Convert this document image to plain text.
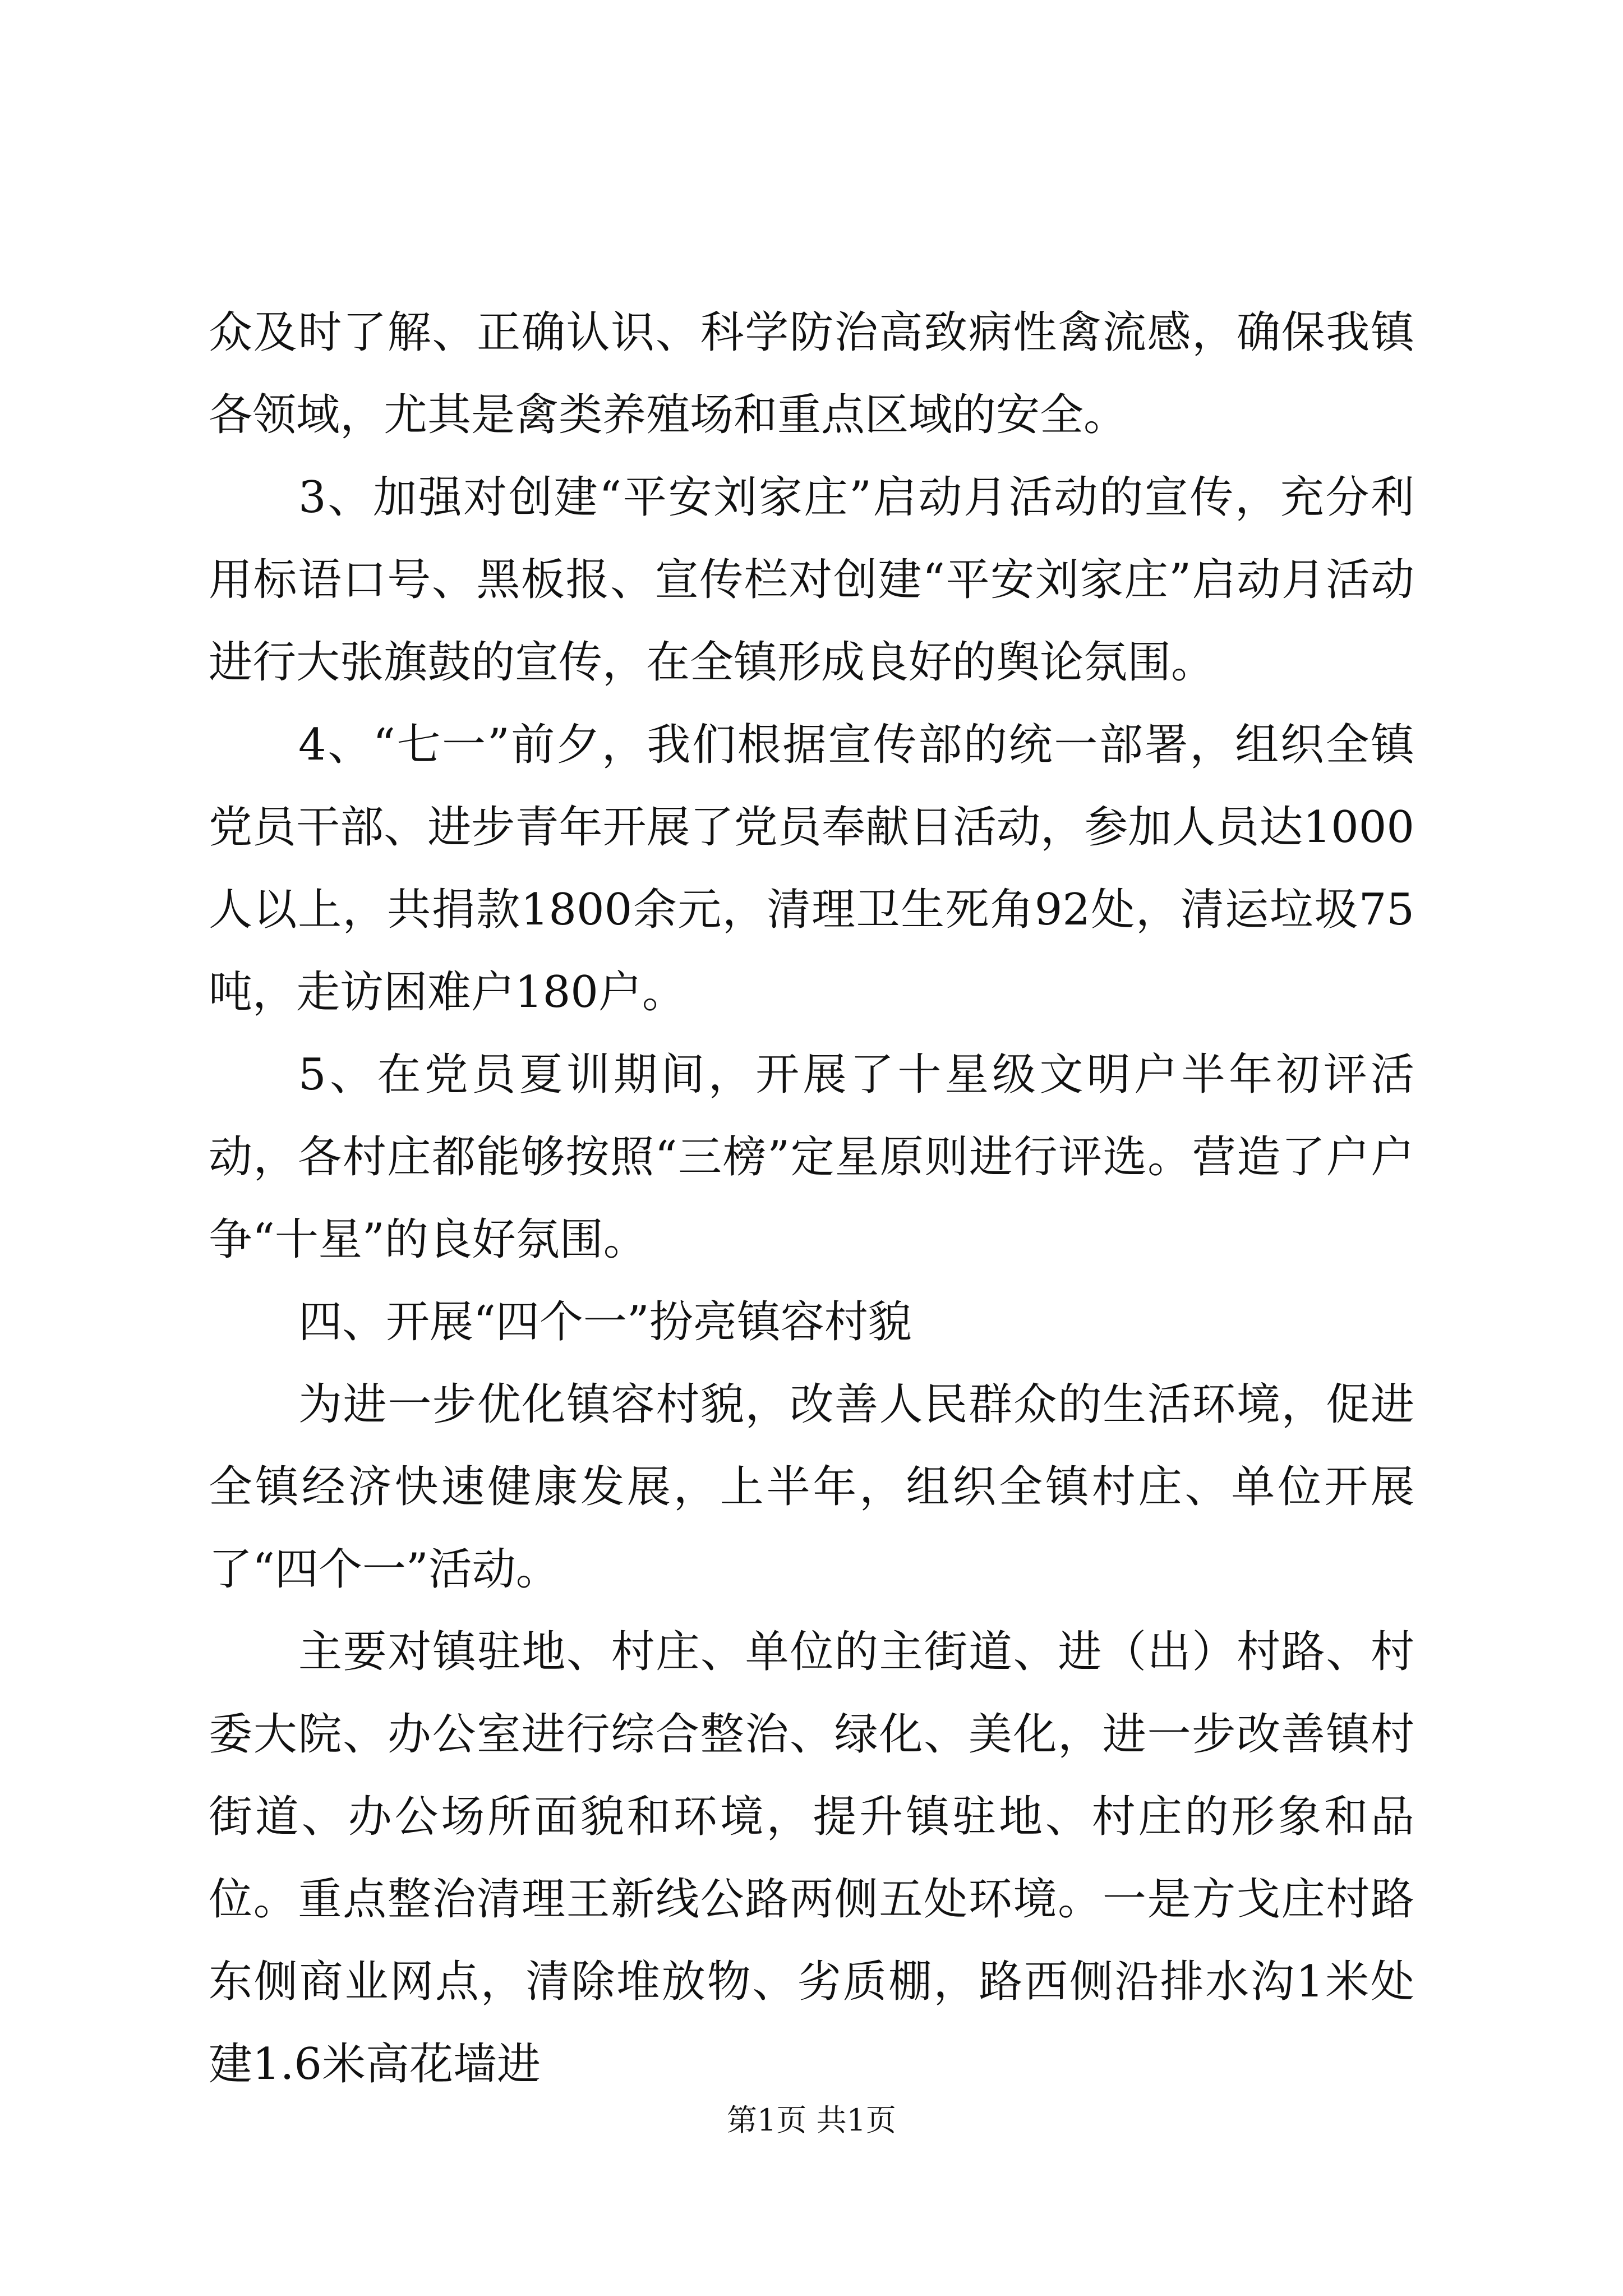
众及时了解、正确认识、科学防治高致病性禽流感，确保我镇各领域，尤其是禽类养殖场和重点区域的安全。

3、加强对创建“平安刘家庄”启动月活动的宣传，充分利用标语口号、黑板报、宣传栏对创建“平安刘家庄”启动月活动进行大张旗鼓的宣传，在全镇形成良好的舆论氛围。

4、“七一”前夕，我们根据宣传部的统一部署，组织全镇党员干部、进步青年开展了党员奉献日活动，参加人员达1000人以上，共捐款1800余元，清理卫生死角92处，清运垃圾75吨，走访困难户180户。

5、在党员夏训期间，开展了十星级文明户半年初评活动，各村庄都能够按照“三榜”定星原则进行评选。营造了户户争“十星”的良好氛围。

四、开展“四个一”扮亮镇容村貌

为进一步优化镇容村貌，改善人民群众的生活环境，促进全镇经济快速健康发展，上半年，组织全镇村庄、单位开展了“四个一”活动。

主要对镇驻地、村庄、单位的主街道、进（出）村路、村委大院、办公室进行综合整治、绿化、美化，进一步改善镇村街道、办公场所面貌和环境，提升镇驻地、村庄的形象和品位。重点整治清理王新线公路两侧五处环境。一是方戈庄村路东侧商业网点，清除堆放物、劣质棚，路西侧沿排水沟1米处建1.6米高花墙进

第1页 共1页
